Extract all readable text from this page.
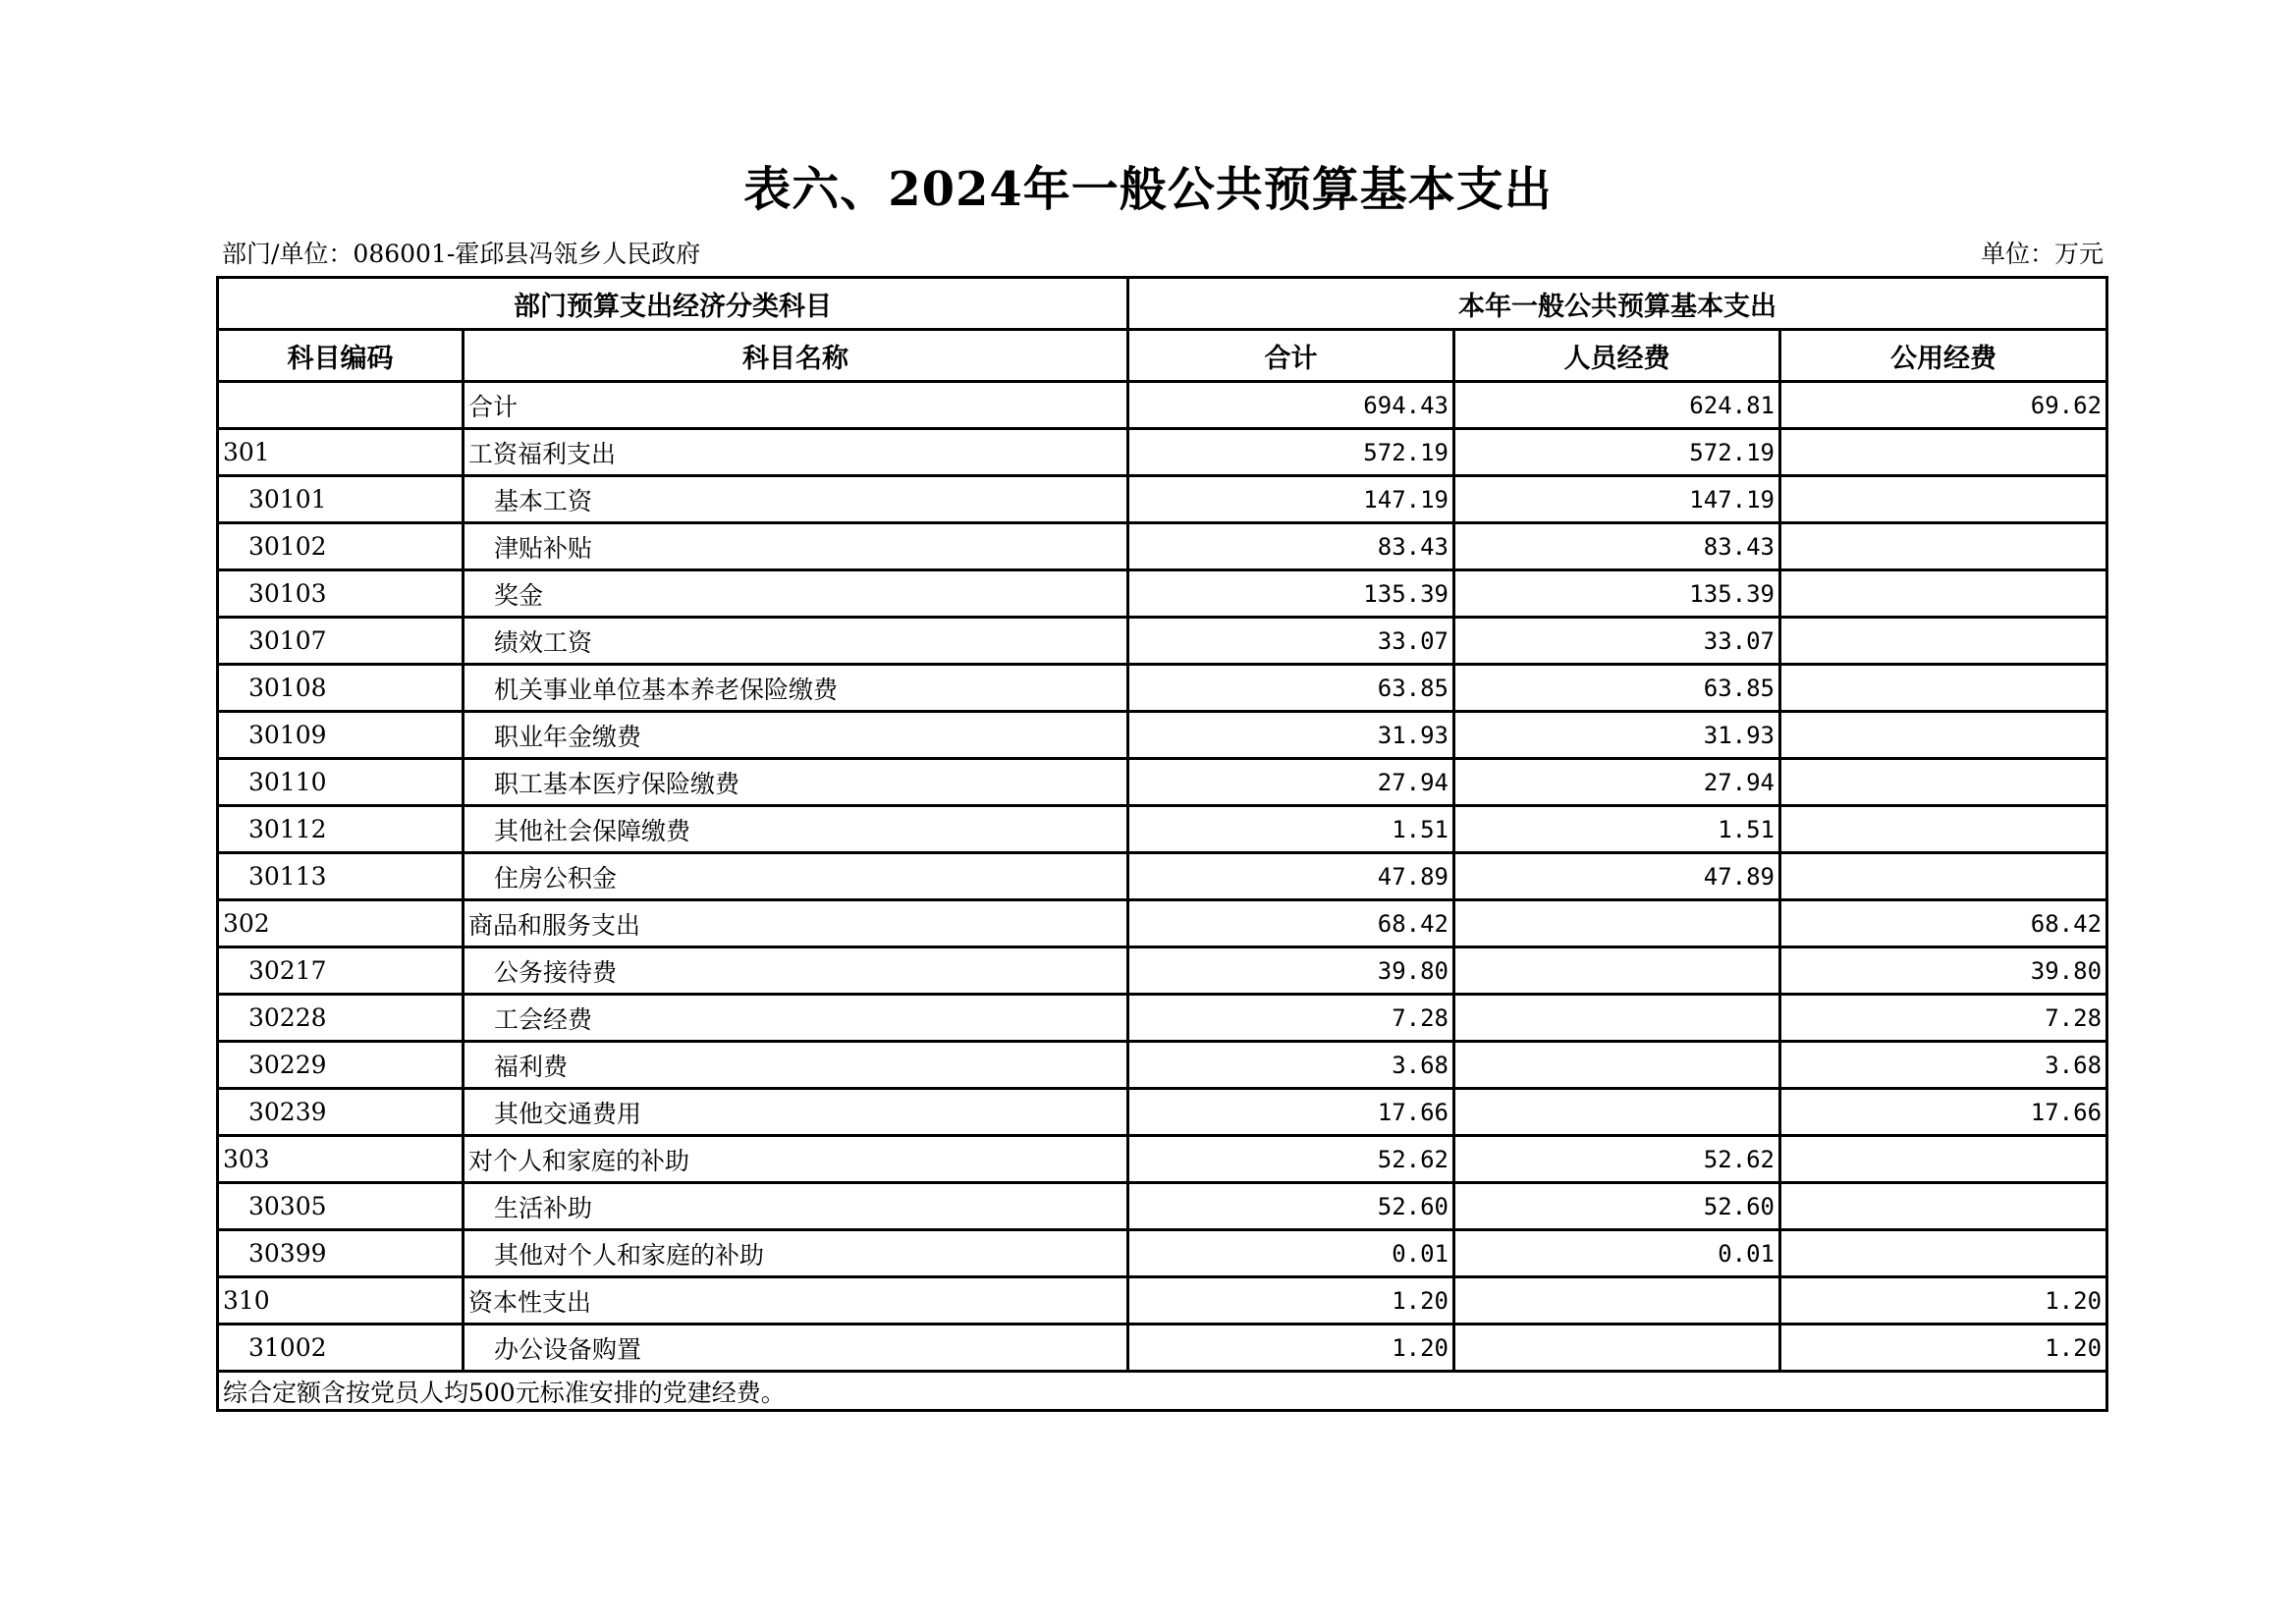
表六、2024年一般公共预算基本支出
部门/单位：086001-霍邱县冯瓴乡人民政府	单位：万元
部门预算支出经济分类科目		本年一般公共预算基本支出		
科目编码	科目名称	合计	人员经费	公用经费
	合计	694.43	624.81	69.62
301	工资福利支出	572.19	572.19	
30101	基本工资	147.19	147.19	
30102	津贴补贴	83.43	83.43	
30103	奖金	135.39	135.39	
30107	绩效工资	33.07	33.07	
30108	机关事业单位基本养老保险缴费	63.85	63.85	
30109	职业年金缴费	31.93	31.93	
30110	职工基本医疗保险缴费	27.94	27.94	
30112	其他社会保障缴费	1.51	1.51	
30113	住房公积金	47.89	47.89	
302	商品和服务支出	68.42		68.42
30217	公务接待费	39.80		39.80
30228	工会经费	7.28		7.28
30229	福利费	3.68		3.68
30239	其他交通费用	17.66		17.66
303	对个人和家庭的补助	52.62	52.62	
30305	生活补助	52.60	52.60	
30399	其他对个人和家庭的补助	0.01	0.01	
310	资本性支出	1.20		1.20
31002	办公设备购置	1.20		1.20
综合定额含按党员人均500元标准安排的党建经费。				
